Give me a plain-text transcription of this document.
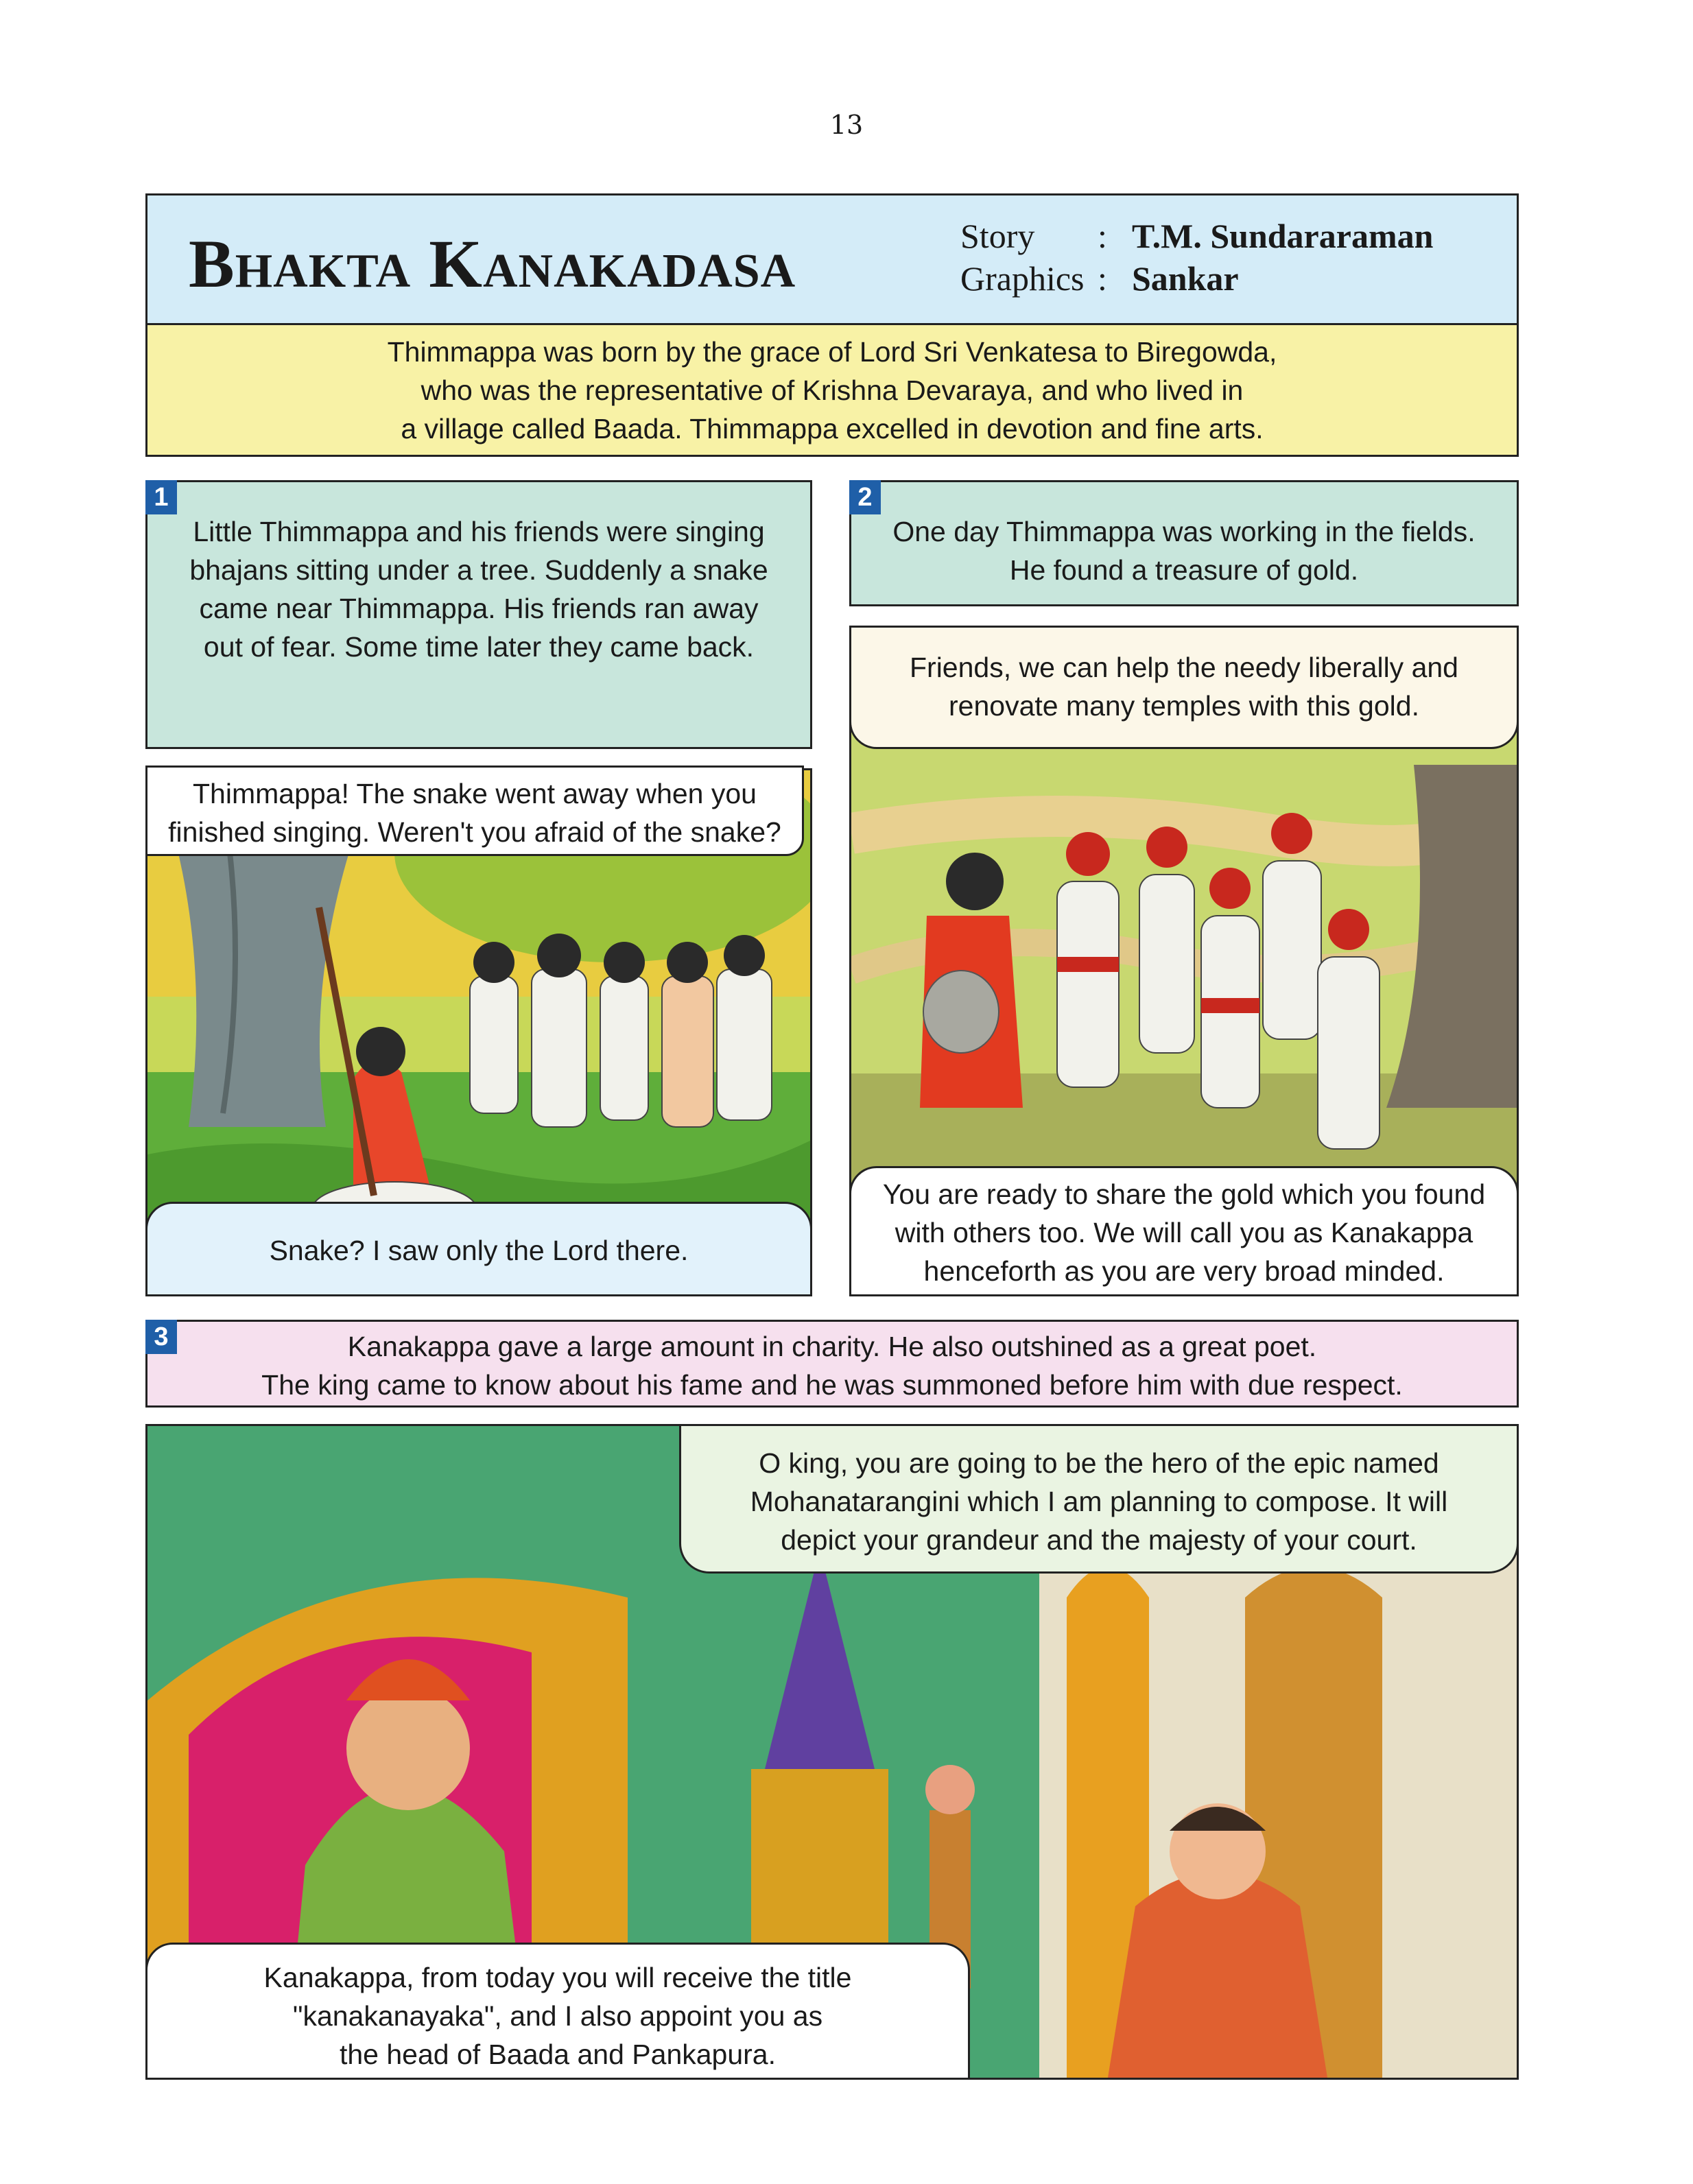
13
Bhakta Kanakadasa	Story : T.M. Sundararaman
Graphics : Sankar
Thimmappa was born by the grace of Lord Sri Venkatesa to Biregowda,
who was the representative of Krishna Devaraya, and who lived in
a village called Baada. Thimmappa excelled in devotion and fine arts.
Little Thimmappa and his friends were singing
bhajans sitting under a tree. Suddenly a snake
came near Thimmappa. His friends ran away
out of fear. Some time later they came back.
1
One day Thimmappa was working in the fields.
He found a treasure of gold.
2
Thimmappa! The snake went away when you
finished singing. Weren't you afraid of the snake?
Snake? I saw only the Lord there.
Friends, we can help the needy liberally and
renovate many temples with this gold.
You are ready to share the gold which you found
with others too. We will call you as Kanakappa
henceforth as you are very broad minded.
Kanakappa gave a large amount in charity. He also outshined as a great poet.
The king came to know about his fame and he was summoned before him with due respect.
3
O king, you are going to be the hero of the epic named
Mohanatarangini which I am planning to compose. It will
depict your grandeur and the majesty of your court.
Kanakappa, from today you will receive the title
"kanakanayaka", and I also appoint you as
the head of Baada and Pankapura.
